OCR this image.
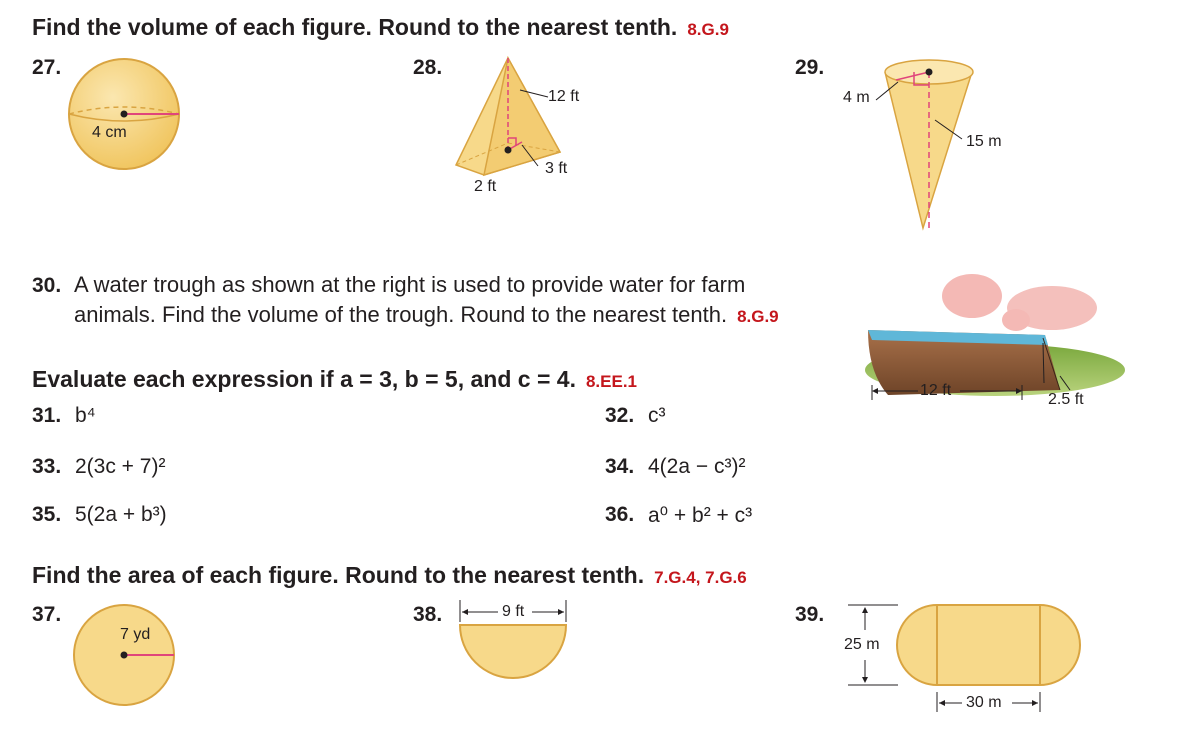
Find the volume of each figure. Round to the nearest tenth. 8.G.9
27.
4 cm
28.
12 ft
3 ft
2 ft
29.
4 m
15 m
30. A water trough as shown at the right is used to provide water for farm
animals. Find the volume of the trough. Round to the nearest tenth. 8.G.9
12 ft
2.5 ft
Evaluate each expression if a = 3, b = 5, and c = 4. 8.EE.1
31. b⁴	32. c³
33. 2(3c + 7)²	34. 4(2a − c³)²
35. 5(2a + b³)	36. a⁰ + b² + c³
Find the area of each figure. Round to the nearest tenth. 7.G.4, 7.G.6
37.
7 yd
38.	9 ft	39.
25 m
30 m
